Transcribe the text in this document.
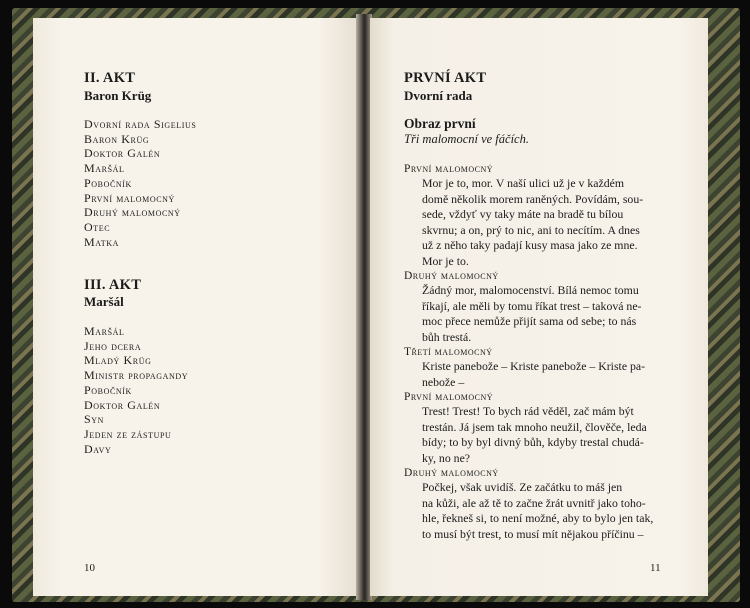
II. AKT
Baron Krüg
Dvorní rada Sigelius
Baron Krüg
Doktor Galén
Maršál
Pobočník
První malomocný
Druhý malomocný
Otec
Matka
III. AKT
Maršál
Maršál
Jeho dcera
Mladý Krüg
Ministr propagandy
Pobočník
Doktor Galén
Syn
Jeden ze zástupu
Davy
10
PRVNÍ AKT
Dvorní rada
Obraz první
Tři malomocní ve fáčích.

První malomocný

Mor je to, mor. V naší ulici už je v každém

domě několik morem raněných. Povídám, sou-

sede, vždyť vy taky máte na bradě tu bílou

skvrnu; a on, prý to nic, ani to necítím. A dnes

už z něho taky padají kusy masa jako ze mne.

Mor je to.

Druhý malomocný

Žádný mor, malomocenství. Bílá nemoc tomu

říkají, ale měli by tomu říkat trest – taková ne-

moc přece nemůže přijít sama od sebe; to nás

bůh trestá.

Třetí malomocný

Kriste panebože – Kriste panebože – Kriste pa-

nebože –

První malomocný

Trest! Trest! To bych rád věděl, zač mám být

trestán. Já jsem tak mnoho neužil, člověče, leda

bídy; to by byl divný bůh, kdyby trestal chudá-

ky, no ne?

Druhý malomocný

Počkej, však uvidíš. Ze začátku to máš jen

na kůži, ale až tě to začne žrát uvnitř jako toho-

hle, řekneš si, to není možné, aby to bylo jen tak,

to musí být trest, to musí mít nějakou příčinu –

11
